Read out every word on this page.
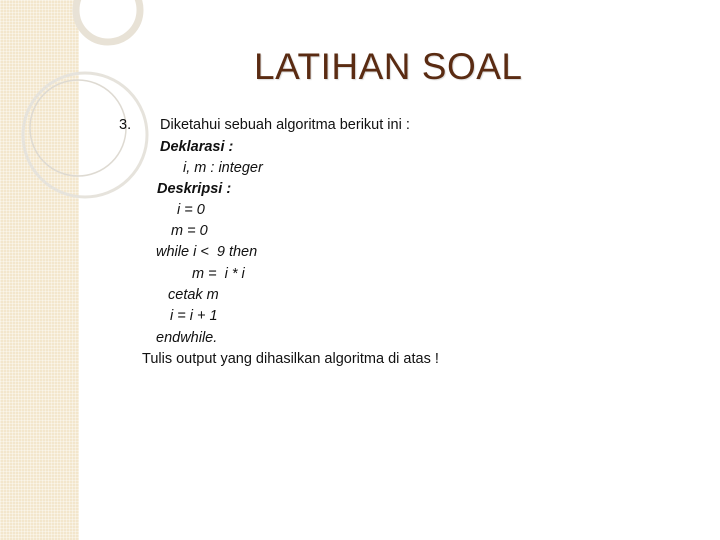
LATIHAN SOAL
3. Diketahui sebuah algoritma berikut ini :
Deklarasi :
i, m : integer
Deskripsi :
i = 0
m = 0
while i <  9 then
m =  i * i
cetak m
i = i + 1
endwhile.
Tulis output yang dihasilkan algoritma di atas !
